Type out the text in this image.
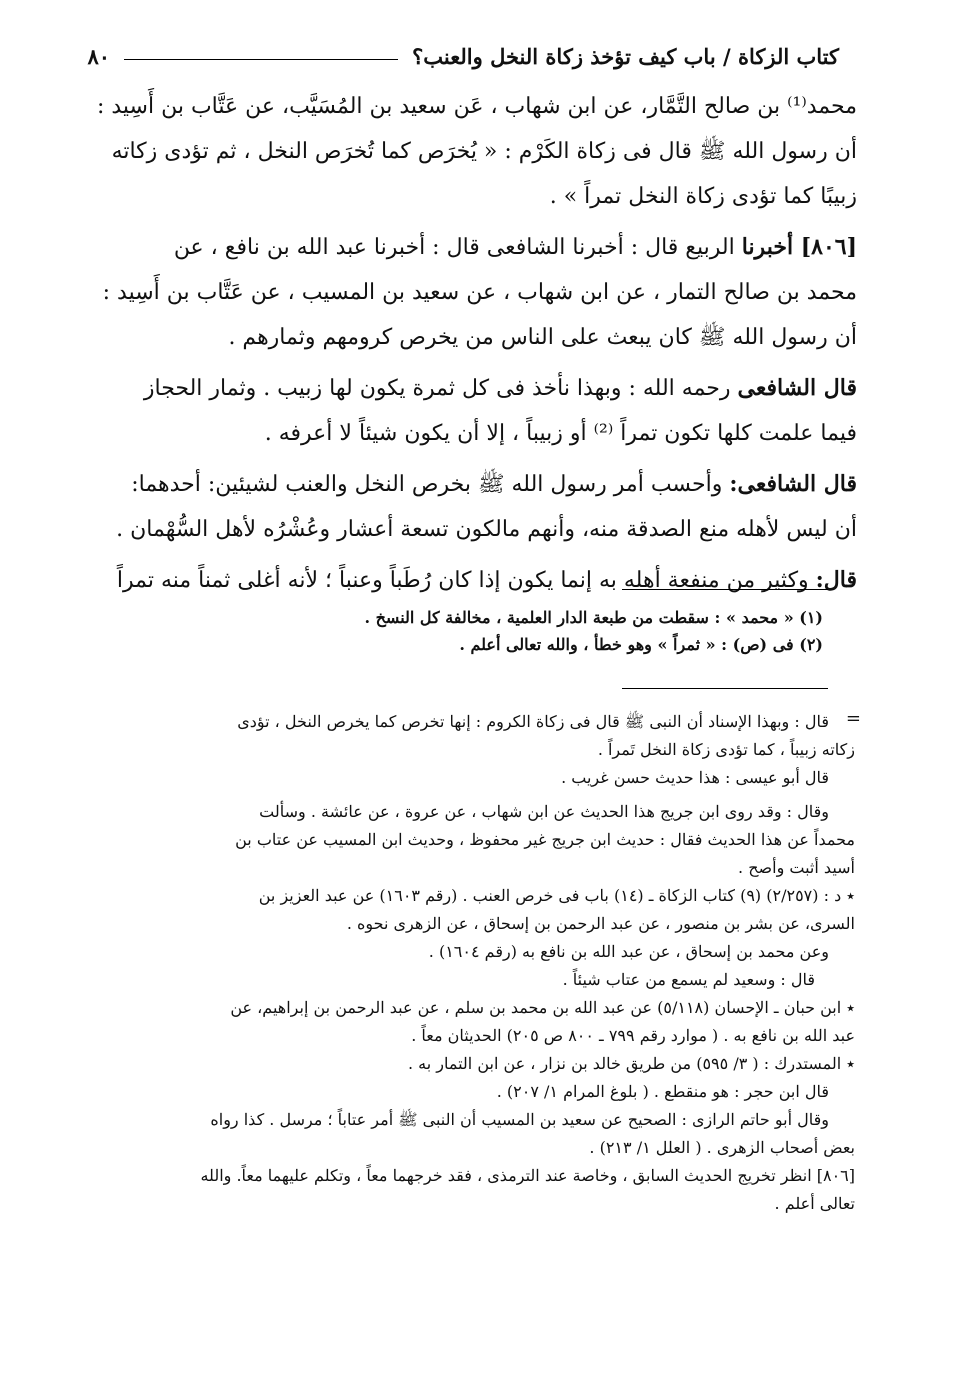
كتاب الزكاة / باب كيف تؤخذ زكاة النخل والعنب؟
٨٠
محمد⁽¹⁾ بن صالح التَّمَّار، عن ابن شهاب ، عَن سعيد بن المُسَيَّب، عن عَتَّاب بن أَسِيد :
أن رسول الله ﷺ قال فى زكاة الكَرْم : « يُخرَص كما تُخرَص النخل ، ثم تؤدى زكاته
زبيبًا كما تؤدى زكاة النخل تمراً » .
[٨٠٦] أخبرنا الربيع قال : أخبرنا الشافعى قال : أخبرنا عبد الله بن نافع ، عن
محمد بن صالح التمار ، عن ابن شهاب ، عن سعيد بن المسيب ، عن عَتَّاب بن أَسِيد :
أن رسول الله ﷺ كان يبعث على الناس من يخرص كرومهم وثمارهم .
قال الشافعى رحمه الله : وبهذا نأخذ فى كل ثمرة يكون لها زبيب . وثمار الحجاز
فيما علمت كلها تكون تمراً ⁽²⁾ أو زبيباً ، إلا أن يكون شيئاً لا أعرفه .
قال الشافعى: وأحسب أمر رسول الله ﷺ بخرص النخل والعنب لشيئين: أحدهما:
أن ليس لأهله منع الصدقة منه، وأنهم مالكون تسعة أعشار وعُشْرُه لأهل السُّهْمان .
قال: وكثير من منفعة أهله به إنما يكون إذا كان رُطَباً وعنباً ؛ لأنه أغلى ثمناً منه تمراً
(١) « محمد » : سقطت من طبعة الدار العلمية ، مخالفة كل النسخ .
(٢) فى (ص) : « ثمراً » وهو خطأ ، والله تعالى أعلم .
=
قال : وبهذا الإسناد أن النبى ﷺ قال فى زكاة الكروم : إنها تخرص كما يخرص النخل ، تؤدى
زكاته زبيباً ، كما تؤدى زكاة النخل تَمراً .
قال أبو عيسى : هذا حديث حسن غريب .
وقال : وقد روى ابن جريج هذا الحديث عن ابن شهاب ، عن عروة ، عن عائشة . وسألت
محمداً عن هذا الحديث فقال : حديث ابن جريج غير محفوظ ، وحديث ابن المسيب عن عتاب بن
أسيد أثبت وأصح .
٭ د : (٢/٢٥٧) (٩) كتاب الزكاة ـ (١٤) باب فى خرص العنب . (رقم ١٦٠٣) عن عبد العزيز بن
السرى، عن بشر بن منصور ، عن عبد الرحمن بن إسحاق ، عن الزهرى نحوه .
وعن محمد بن إسحاق ، عن عبد الله بن نافع به (رقم ١٦٠٤) .
قال : وسعيد لم يسمع من عتاب شيئاً .
٭ ابن حبان ـ الإحسان (٥/١١٨) عن عبد الله بن محمد بن سلم ، عن عبد الرحمن بن إبراهيم، عن
عبد الله بن نافع به . ( موارد رقم ٧٩٩ ـ ٨٠٠ ص ٢٠٥) الحديثان معاً .
٭ المستدرك : ( ٣/ ٥٩٥) من طريق خالد بن نزار ، عن ابن التمار به .
قال ابن حجر : هو منقطع . ( بلوغ المرام ١/ ٢٠٧) .
وقال أبو حاتم الرازى : الصحيح عن سعيد بن المسيب أن النبى ﷺ أمر عتاباً ؛ مرسل . كذا رواه
بعض أصحاب الزهرى . ( العلل ١/ ٢١٣) .
[٨٠٦] انظر تخريج الحديث السابق ، وخاصة عند الترمذى ، فقد خرجهما معاً ، وتكلم عليهما معاً. والله
تعالى أعلم .
